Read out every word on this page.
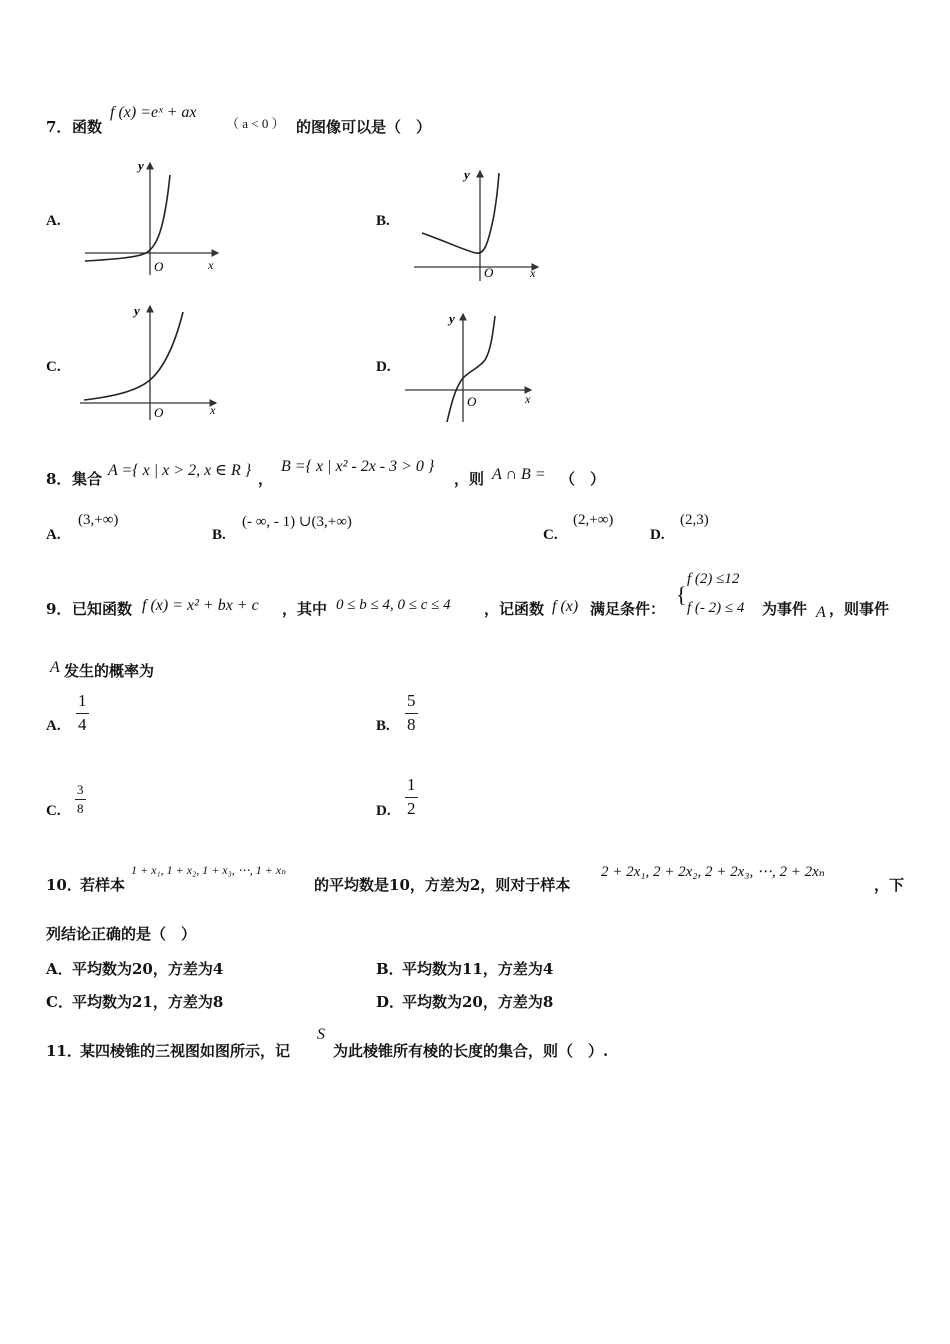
7． 函数
f (x) =eˣ + ax
（ a < 0 ） 的图像可以是（　）
A.	B.
C.	D.
y
x
O
y
x
O
y
x
O
y
x
O
8． 集合 A ={ x | x > 2, x ∈ R } ，
B ={ x | x² - 2x - 3 > 0 }
，则 A ∩ B = （　）
A.
(3,+∞)
B.
(- ∞, - 1) ∪(3,+∞)
C.
(2,+∞)
D.
(2,3)
9． 已知函数 f (x) = x² + bx + c ，其中 0 ≤ b ≤ 4, 0 ≤ c ≤ 4 ，记函数 f (x) 满足条件：
{
f (2) ≤12
f (- 2) ≤ 4 为事件 A ，则事件
A 发生的概率为
A. $\frac{1}{4}$	B. $\frac{5}{8}$
C. $\frac{3}{8}$	D. $\frac{1}{2}$
10．
若样本
1 + x₁, 1 + x₂, 1 + x₃, ⋯, 1 + xₙ
的平均数是10，方差为2，则对于样本
2 + 2x₁, 2 + 2x₂, 2 + 2x₃, ⋯, 2 + 2xₙ
，下
列结论正确的是（　）
A． 平均数为20，方差为4	B．
平均数为11，方差为4
C． 平均数为21，方差为8	D．
平均数为20，方差为8
11．
某四棱锥的三视图如图所示，记
S
为此棱锥所有棱的长度的集合，则（　）.
